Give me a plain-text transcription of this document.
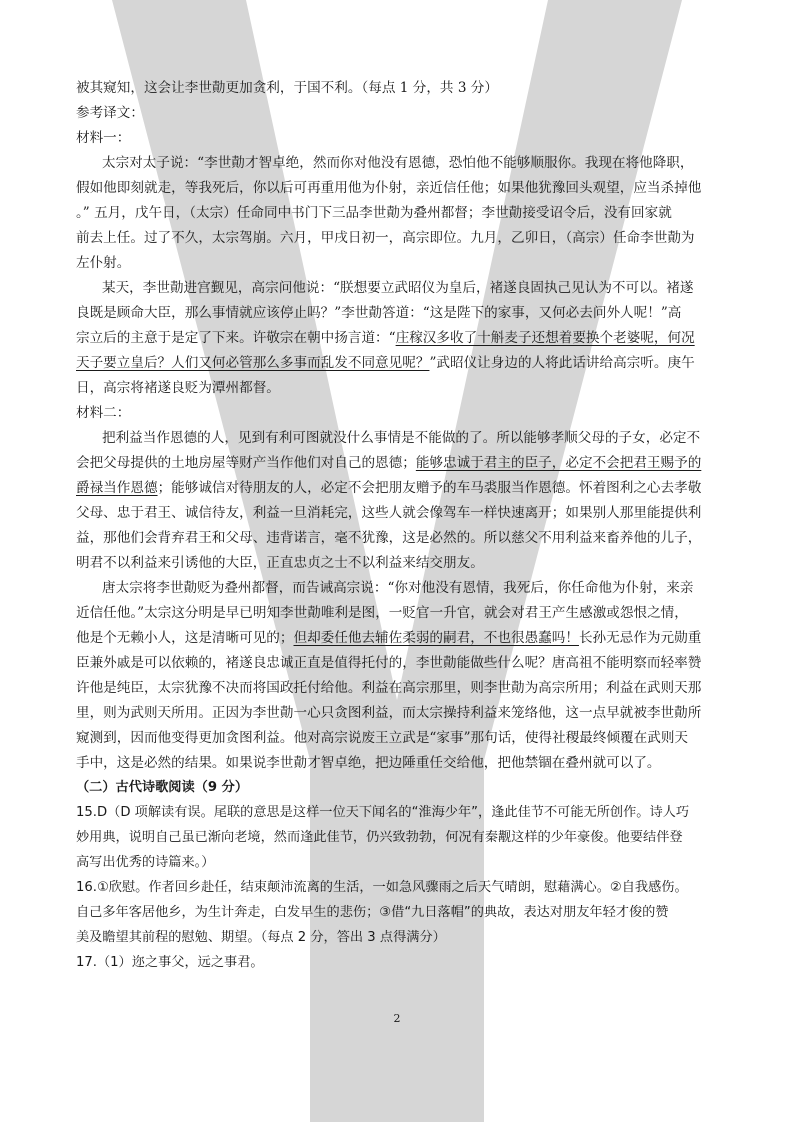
被其窥知，这会让李世勣更加贪利，于国不利。（每点 1 分，共 3 分）
参考译文：
材料一：
太宗对太子说：“李世勣才智卓绝，然而你对他没有恩德，恐怕他不能够顺服你。我现在将他降职，
假如他即刻就走，等我死后，你以后可再重用他为仆射，亲近信任他；如果他犹豫回头观望，应当杀掉他
。” 五月，戊午日，（太宗）任命同中书门下三品李世勣为叠州都督；李世勣接受诏令后，没有回家就
前去上任。过了不久，太宗驾崩。六月，甲戌日初一，高宗即位。九月，乙卯日，（高宗）任命李世勣为
左仆射。
某天，李世勣进宫觐见，高宗问他说：“朕想要立武昭仪为皇后，褚遂良固执己见认为不可以。褚遂
良既是顾命大臣，那么事情就应该停止吗？”李世勣答道：“这是陛下的家事，又何必去问外人呢！”高
宗立后的主意于是定了下来。许敬宗在朝中扬言道：“庄稼汉多收了十斛麦子还想着要换个老婆呢，何况
天子要立皇后？人们又何必管那么多事而乱发不同意见呢？”武昭仪让身边的人将此话讲给高宗听。庚午
日，高宗将褚遂良贬为潭州都督。
材料二：
把利益当作恩德的人，见到有利可图就没什么事情是不能做的了。所以能够孝顺父母的子女，必定不
会把父母提供的土地房屋等财产当作他们对自己的恩德；能够忠诚于君主的臣子，必定不会把君王赐予的
爵禄当作恩德；能够诚信对待朋友的人，必定不会把朋友赠予的车马裘服当作恩德。怀着图利之心去孝敬
父母、忠于君王、诚信待友，利益一旦消耗完，这些人就会像驾车一样快速离开；如果别人那里能提供利
益，那他们会背弃君王和父母、违背诺言，毫不犹豫，这是必然的。所以慈父不用利益来畜养他的儿子，
明君不以利益来引诱他的大臣，正直忠贞之士不以利益来结交朋友。
唐太宗将李世勣贬为叠州都督，而告诫高宗说：“你对他没有恩情，我死后，你任命他为仆射，来亲
近信任他。”太宗这分明是早已明知李世勣唯利是图，一贬官一升官，就会对君王产生感激或怨恨之情，
他是个无赖小人，这是清晰可见的；但却委任他去辅佐柔弱的嗣君，不也很愚蠢吗！长孙无忌作为元勋重
臣兼外戚是可以依赖的，褚遂良忠诚正直是值得托付的，李世勣能做些什么呢？唐高祖不能明察而轻率赞
许他是纯臣，太宗犹豫不决而将国政托付给他。利益在高宗那里，则李世勣为高宗所用；利益在武则天那
里，则为武则天所用。正因为李世勣一心只贪图利益，而太宗操持利益来笼络他，这一点早就被李世勣所
窥测到，因而他变得更加贪图利益。他对高宗说废王立武是“家事”那句话，使得社稷最终倾覆在武则天
手中，这是必然的结果。如果说李世勣才智卓绝，把边陲重任交给他，把他禁锢在叠州就可以了。
（二）古代诗歌阅读（9 分）
15.D（D 项解读有误。尾联的意思是这样一位天下闻名的“淮海少年”，逢此佳节不可能无所创作。诗人巧
妙用典，说明自己虽已渐向老境，然而逢此佳节，仍兴致勃勃，何况有秦觏这样的少年豪俊。他要结伴登
高写出优秀的诗篇来。）
16.①欣慰。作者回乡赴任，结束颠沛流离的生活，一如急风骤雨之后天气晴朗，慰藉满心。②自我感伤。
自己多年客居他乡，为生计奔走，白发早生的悲伤；③借“九日落帽”的典故，表达对朋友年轻才俊的赞
美及瞻望其前程的慰勉、期望。（每点 2 分，答出 3 点得满分）
17.（1）迩之事父，远之事君。
2
